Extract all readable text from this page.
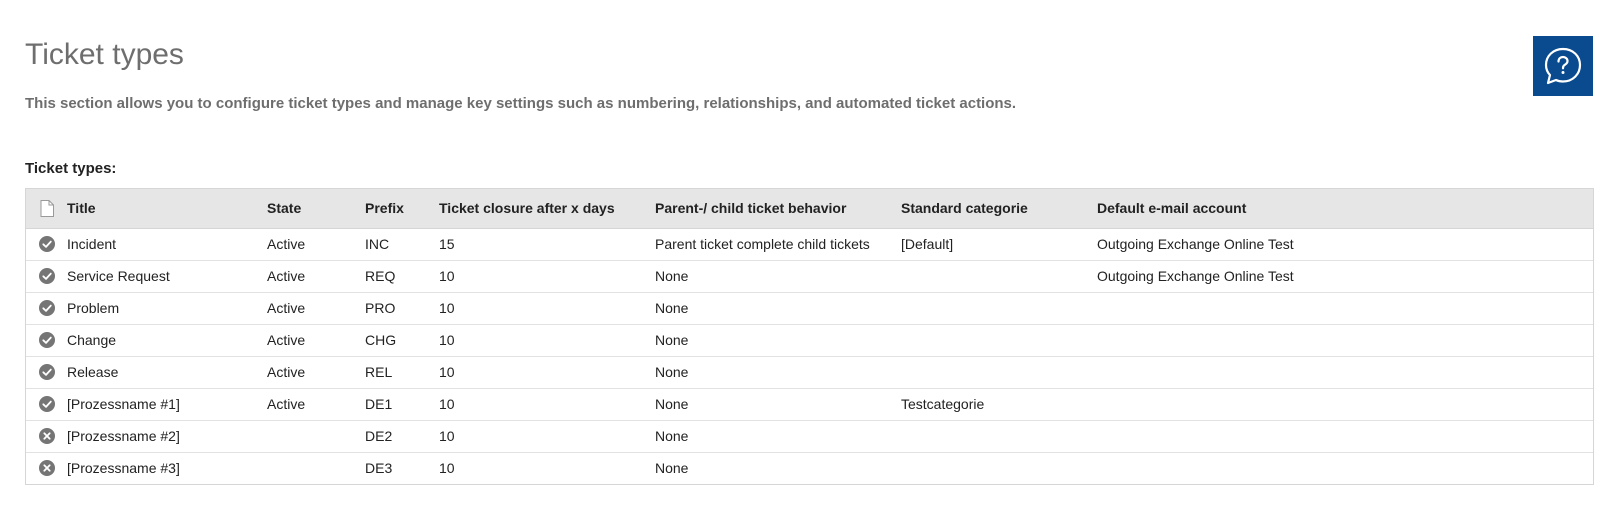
Ticket types
This section allows you to configure ticket types and manage key settings such as numbering, relationships, and automated ticket actions.
Ticket types:
	Title	State	Prefix	Ticket closure after x days	Parent-/ child ticket behavior	Standard categorie	Default e-mail account

	Incident	Active	INC	15	Parent ticket complete child tickets	[Default]	Outgoing Exchange Online Test

	Service Request	Active	REQ	10	None		Outgoing Exchange Online Test

	Problem	Active	PRO	10	None		

	Change	Active	CHG	10	None		

	Release	Active	REL	10	None		

	[Prozessname #1]	Active	DE1	10	None	Testcategorie	

	[Prozessname #2]		DE2	10	None		

	[Prozessname #3]		DE3	10	None		
